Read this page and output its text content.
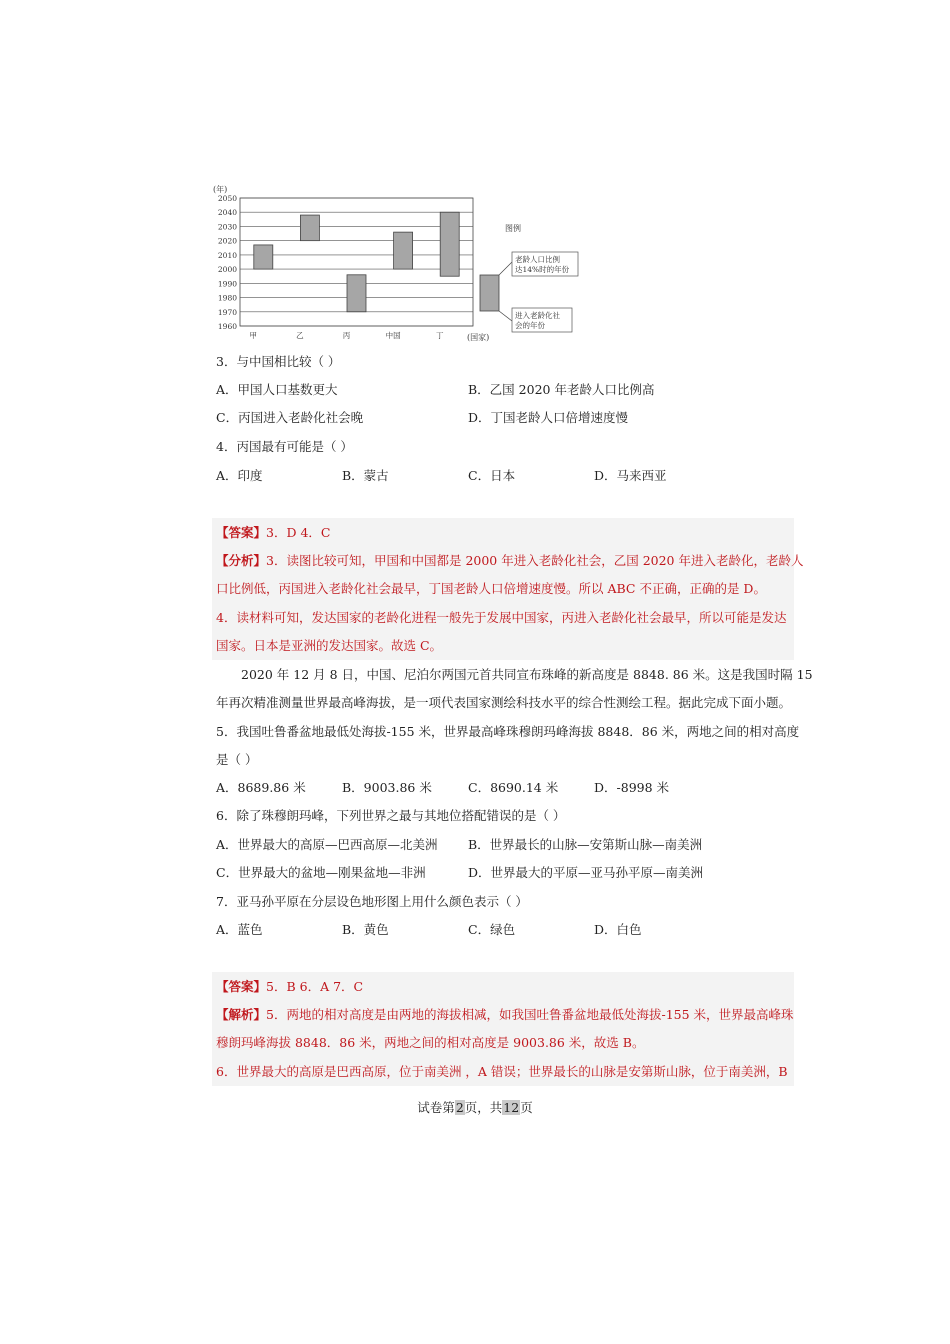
(年)
2050
2040
2030
2020
2010
2000
1990
1980
1970
1960
甲	乙	丙	中国	丁	(国家)
图例
老龄人口比例
达14%时的年份
进入老龄化社
会的年份
3．与中国相比较（ ）
A．甲国人口基数更大	B．乙国 2020 年老龄人口比例高
C．丙国进入老龄化社会晚	D．丁国老龄人口倍增速度慢
4．丙国最有可能是（ ）
A．印度	B．蒙古	C．日本	D．马来西亚
【答案】3．D 4．C
【分析】3．读图比较可知，甲国和中国都是 2000 年进入老龄化社会，乙国 2020 年进入老龄化，老龄人
口比例低，丙国进入老龄化社会最早，丁国老龄人口倍增速度慢。所以 ABC 不正确，正确的是 D。
4．读材料可知，发达国家的老龄化进程一般先于发展中国家，丙进入老龄化社会最早，所以可能是发达
国家。日本是亚洲的发达国家。故选 C。
2020 年 12 月 8 日，中国、尼泊尔两国元首共同宣布珠峰的新高度是 8848. 86 米。这是我国时隔 15
年再次精准测量世界最高峰海拔，是一项代表国家测绘科技水平的综合性测绘工程。据此完成下面小题。
5．我国吐鲁番盆地最低处海拔-155 米，世界最高峰珠穆朗玛峰海拔 8848．86 米，两地之间的相对高度
是（ ）
A．8689.86 米	B．9003.86 米	C．8690.14 米	D．-8998 米
6．除了珠穆朗玛峰，下列世界之最与其地位搭配错误的是（ ）
A．世界最大的高原—巴西高原—北美洲 B．世界最长的山脉—安第斯山脉—南美洲
C．世界最大的盆地—刚果盆地—非洲	D．世界最大的平原—亚马孙平原—南美洲
7．亚马孙平原在分层设色地形图上用什么颜色表示（ ）
A．蓝色	B．黄色	C．绿色	D．白色
【答案】5．B 6．A 7．C
【解析】5．两地的相对高度是由两地的海拔相减，如我国吐鲁番盆地最低处海拔-155 米，世界最高峰珠
穆朗玛峰海拔 8848．86 米，两地之间的相对高度是 9003.86 米，故选 B。
6．世界最大的高原是巴西高原，位于南美洲 ，A 错误；世界最长的山脉是安第斯山脉，位于南美洲，B
试卷第2页，共12页
